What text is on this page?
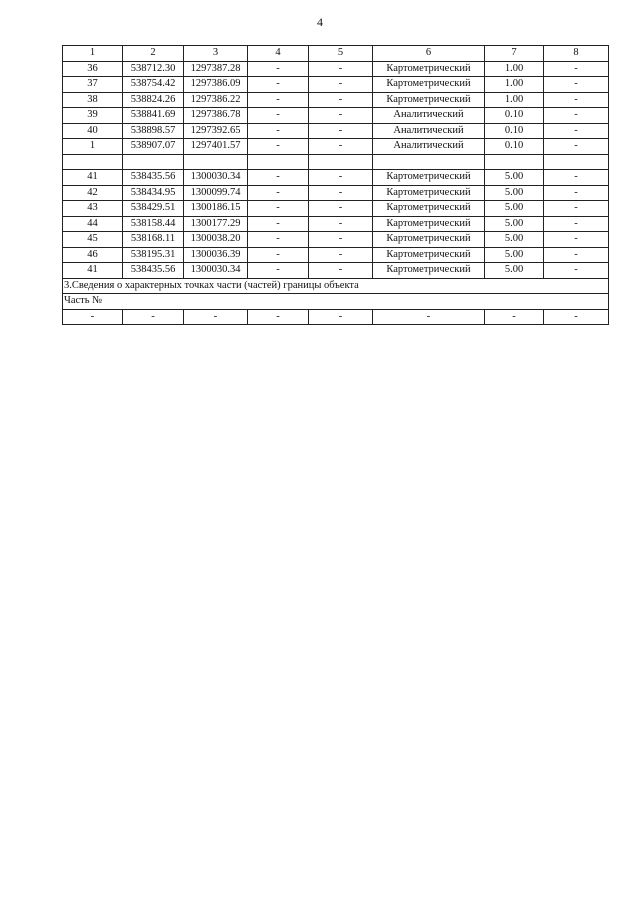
4
1	2	3	4	5	6	7	8
36	538712.30	1297387.28	-	-	Картометрический	1.00	-
37	538754.42	1297386.09	-	-	Картометрический	1.00	-
38	538824.26	1297386.22	-	-	Картометрический	1.00	-
39	538841.69	1297386.78	-	-	Аналитический	0.10	-
40	538898.57	1297392.65	-	-	Аналитический	0.10	-
1	538907.07	1297401.57	-	-	Аналитический	0.10	-

41	538435.56	1300030.34	-	-	Картометрический	5.00	-
42	538434.95	1300099.74	-	-	Картометрический	5.00	-
43	538429.51	1300186.15	-	-	Картометрический	5.00	-
44	538158.44	1300177.29	-	-	Картометрический	5.00	-
45	538168.11	1300038.20	-	-	Картометрический	5.00	-
46	538195.31	1300036.39	-	-	Картометрический	5.00	-
41	538435.56	1300030.34	-	-	Картометрический	5.00	-
3.Сведения о характерных точках части (частей) границы объекта							
Часть №							
-	-	-	-	-	-	-	-
